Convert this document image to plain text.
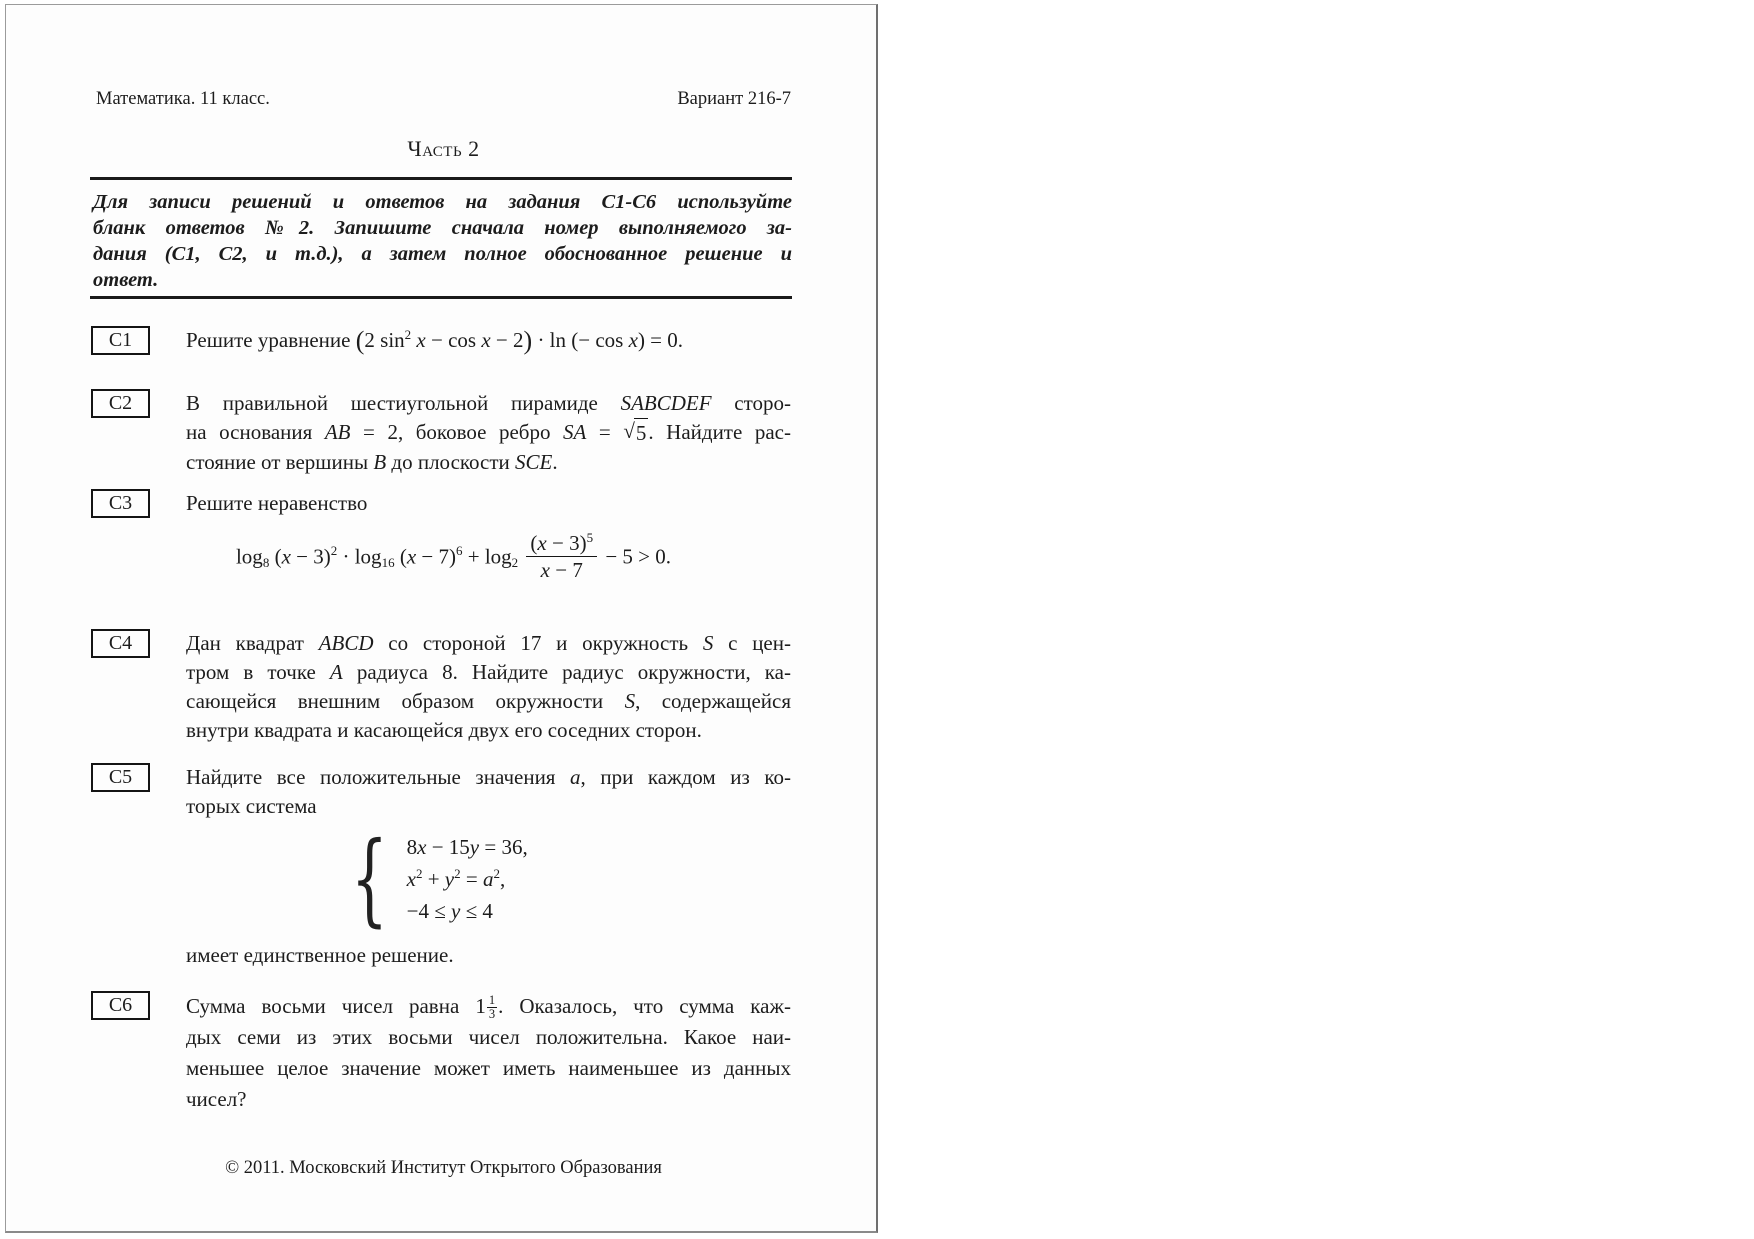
Математика. 11 класс.	Вариант 216-7
Часть 2
Для записи решений и ответов на задания C1-C6 используйте
бланк ответов №2. Запишите сначала номер выполняемого за-
дания (C1, C2, и т.д.), а затем полное обоснованное решение и
ответ.
C1	Решите уравнение (2 $\sin^2 x - \cos x - 2) \cdot \ln$ (− cos x) = 0.
C2	В правильной шестиугольной пирамиде SABCDEF сторо-
на основания AB = 2, боковое ребро SA = √ 5 . Найдите рас-
стояние от вершины B до плоскости SCE.
C3	Решите неравенство
$\log_8 (x - 3)^2 \cdot \log_{16} (x - 7)^6 + \log_2 \frac{(x - 3)^5}{x - 7} - 5 > 0$.
C4	Дан квадрат ABCD со стороной 17 и окружность S с цен-
тром в точке A радиуса 8. Найдите радиус окружности, ка-
сающейся внешним образом окружности S, содержащейся
внутри квадрата и касающейся двух его соседних сторон.
C5	Найдите все положительные значения a, при каждом из ко-
торых система
{ 8x − 15y = 36,
$x^2 + y^2 = a^2$,
−4 ≤ y ≤ 4
имеет единственное решение.
C6	Сумма восьми чисел равна $1 \frac{1}{3}$ . Оказалось, что сумма каж-
дых семи из этих восьми чисел положительна. Какое наи-
меньшее целое значение может иметь наименьшее из данных
чисел?
© 2011. Московский Институт Открытого Образования
